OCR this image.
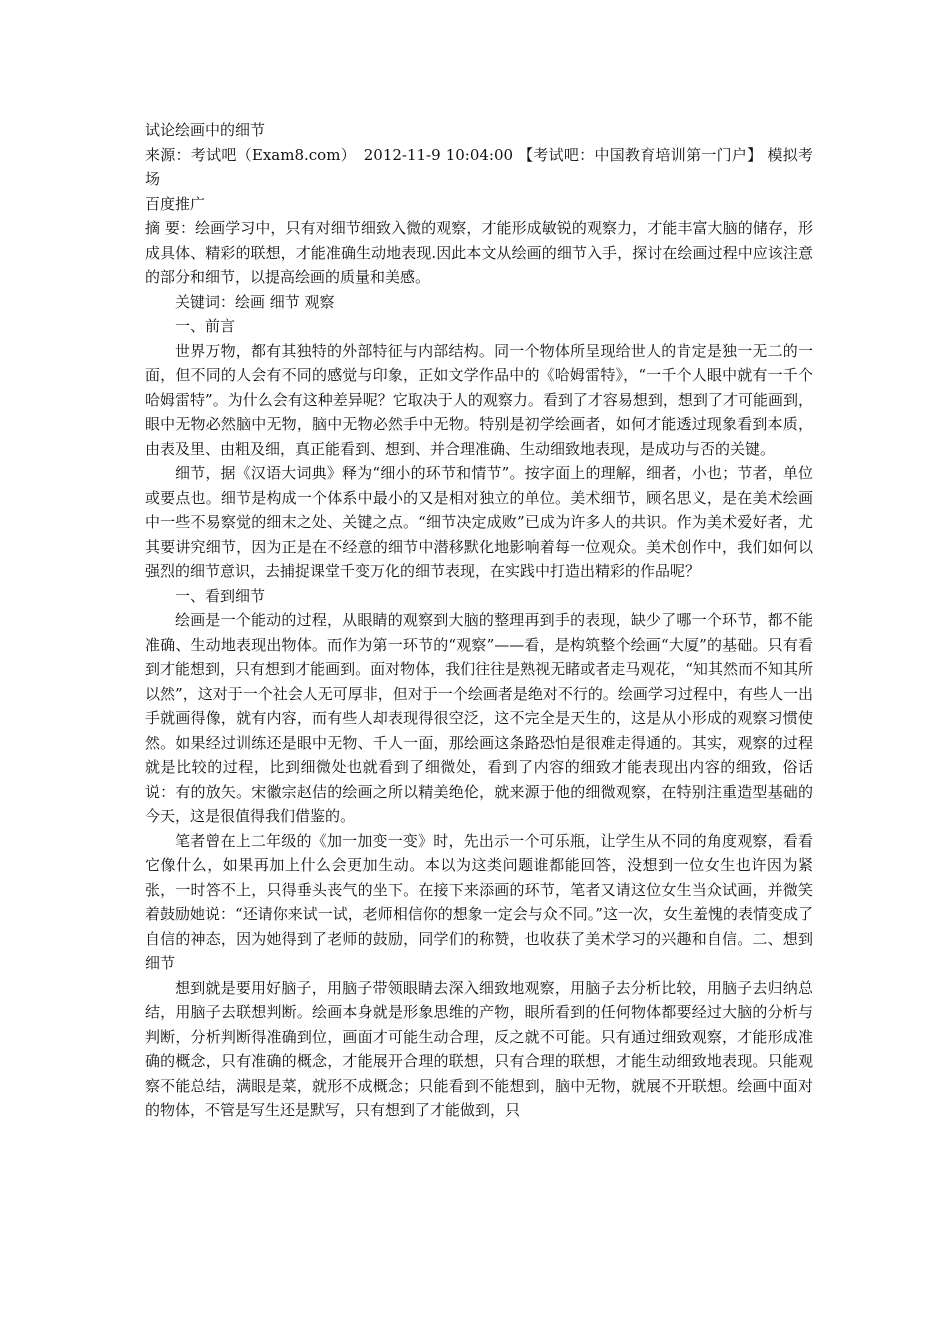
试论绘画中的细节

来源：考试吧（Exam8.com）　2012-11-9 10:04:00 【考试吧：中国教育培训第一门户】 模拟考场

百度推广

摘 要：绘画学习中，只有对细节细致入微的观察，才能形成敏锐的观察力，才能丰富大脑的储存，形成具体、精彩的联想，才能准确生动地表现.因此本文从绘画的细节入手，探讨在绘画过程中应该注意的部分和细节，以提高绘画的质量和美感。

关键词：绘画 细节 观察

一、前言

世界万物，都有其独特的外部特征与内部结构。同一个物体所呈现给世人的肯定是独一无二的一面，但不同的人会有不同的感觉与印象，正如文学作品中的《哈姆雷特》，“一千个人眼中就有一千个哈姆雷特”。为什么会有这种差异呢？它取决于人的观察力。看到了才容易想到，想到了才可能画到，眼中无物必然脑中无物，脑中无物必然手中无物。特别是初学绘画者，如何才能透过现象看到本质，由表及里、由粗及细，真正能看到、想到、并合理准确、生动细致地表现，是成功与否的关键。

细节，据《汉语大词典》释为“细小的环节和情节”。按字面上的理解，细者，小也；节者，单位或要点也。细节是构成一个体系中最小的又是相对独立的单位。美术细节，顾名思义，是在美术绘画中一些不易察觉的细末之处、关键之点。“细节决定成败”已成为许多人的共识。作为美术爱好者，尤其要讲究细节，因为正是在不经意的细节中潜移默化地影响着每一位观众。美术创作中，我们如何以强烈的细节意识，去捕捉课堂千变万化的细节表现，在实践中打造出精彩的作品呢？

一、看到细节

绘画是一个能动的过程，从眼睛的观察到大脑的整理再到手的表现，缺少了哪一个环节，都不能准确、生动地表现出物体。而作为第一环节的“观察”——看，是构筑整个绘画“大厦”的基础。只有看到才能想到，只有想到才能画到。面对物体，我们往往是熟视无睹或者走马观花，“知其然而不知其所以然”，这对于一个社会人无可厚非，但对于一个绘画者是绝对不行的。绘画学习过程中，有些人一出手就画得像，就有内容，而有些人却表现得很空泛，这不完全是天生的，这是从小形成的观察习惯使然。如果经过训练还是眼中无物、千人一面，那绘画这条路恐怕是很难走得通的。其实，观察的过程就是比较的过程，比到细微处也就看到了细微处，看到了内容的细致才能表现出内容的细致，俗话说：有的放矢。宋徽宗赵佶的绘画之所以精美绝伦，就来源于他的细微观察，在特别注重造型基础的今天，这是很值得我们借鉴的。

笔者曾在上二年级的《加一加变一变》时，先出示一个可乐瓶，让学生从不同的角度观察，看看它像什么，如果再加上什么会更加生动。本以为这类问题谁都能回答，没想到一位女生也许因为紧张，一时答不上，只得垂头丧气的坐下。在接下来添画的环节，笔者又请这位女生当众试画，并微笑着鼓励她说：“还请你来试一试，老师相信你的想象一定会与众不同。”这一次，女生羞愧的表情变成了自信的神态，因为她得到了老师的鼓励，同学们的称赞，也收获了美术学习的兴趣和自信。二、想到细节

想到就是要用好脑子，用脑子带领眼睛去深入细致地观察，用脑子去分析比较，用脑子去归纳总结，用脑子去联想判断。绘画本身就是形象思维的产物，眼所看到的任何物体都要经过大脑的分析与判断，分析判断得准确到位，画面才可能生动合理，反之就不可能。只有通过细致观察，才能形成准确的概念，只有准确的概念，才能展开合理的联想，只有合理的联想，才能生动细致地表现。只能观察不能总结，满眼是菜，就形不成概念；只能看到不能想到，脑中无物，就展不开联想。绘画中面对的物体，不管是写生还是默写，只有想到了才能做到，只
